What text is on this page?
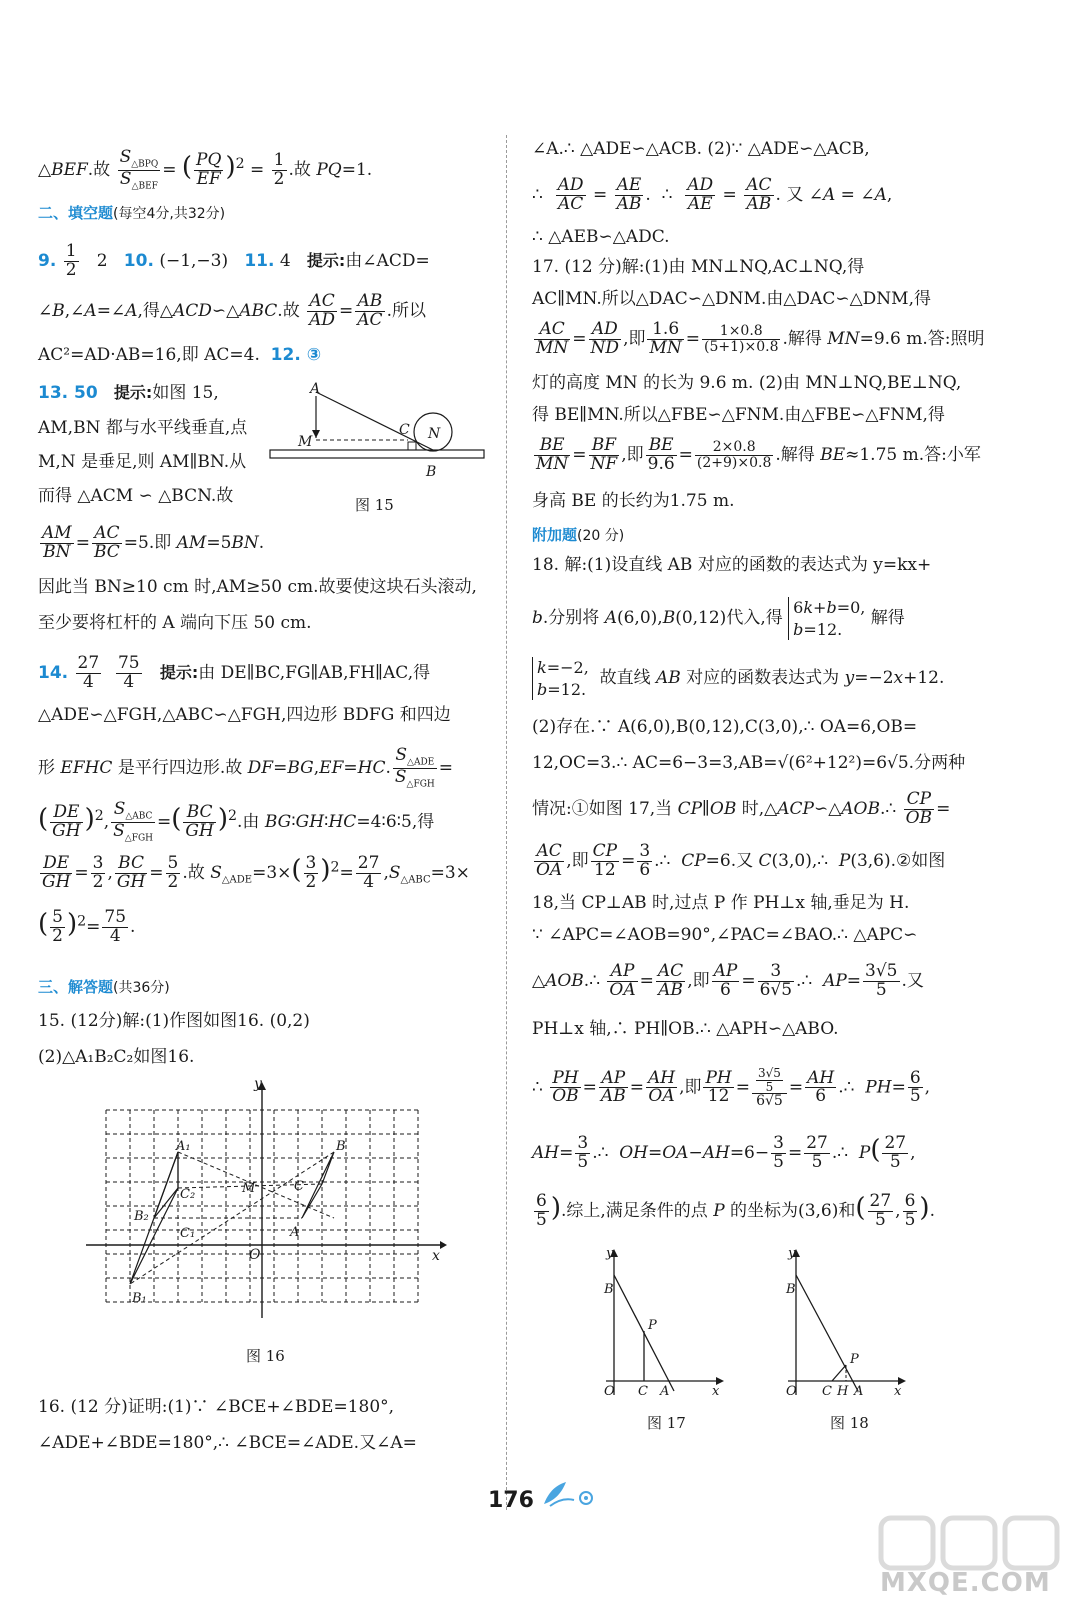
△BEF.故 $\frac{S_{\triangle BPQ}}{S_{\triangle BEF}}$ = ( $\frac{PQ}{EF} )^2 = \frac{1}{2}$ .故 PQ=1.
二、填空题(每空4分,共32分)
9. $\frac{1}{2} 2$   10. (−1,−3) 11. 4 提示:由∠ACD=
∠B,∠A=∠A,得△ACD∽△ABC.故 $\frac{AC}{AD} = \frac{AB}{AC}$ .所以
AC²=AD·AB=16,即 AC=4. 12. ③
13. 50 提示:如图 15,
AM,BN 都与水平线垂直,点
M,N 是垂足,则 AM∥BN.从
而得 △ACM ∽ △BCN.故
$\frac{AM}{BN} = \frac{AC}{BC} =5$.即 AM=5BN.
因此当 BN≥10 cm 时,AM≥50 cm.故要使这块石头滚动,
至少要将杠杆的 A 端向下压 50 cm.
14. $\frac{27}{4}$
$\frac{75}{4}$ 提示:由 DE∥BC,FG∥AB,FH∥AC,得
△ADE∽△FGH,△ABC∽△FGH,四边形 BDFG 和四边
形 EFHC 是平行四边形.故 DF=BG,EF=HC. $\frac{S_{\triangle ADE}}{S_{\triangle FGH}}$ =
( $\frac{DE}{GH} )^2$, $\frac{S_{\triangle ABC}}{S_{\triangle FGH}}$ =( $\frac{BC}{GH} )^2$.由 BG∶GH∶HC=4∶6∶5,得
$\frac{DE}{GH} = \frac{3}{2}$ , $\frac{BC}{GH} = \frac{5}{2}$ .故 $S_{\triangle ADE}=3\times( \frac{3}{2} )^2= \frac{27}{4} ,S_{\triangle ABC}=3\times$
( $\frac{5}{2} )^2= \frac{75}{4}$ .
三、解答题(共36分)
15. (12分)解:(1)作图如图16. (0,2)
(2)△A₁B₂C₂如图16.
16. (12 分)证明:(1)∵ ∠BCE+∠BDE=180°,
∠ADE+∠BDE=180°,∴ ∠BCE=∠ADE.又∠A=
A
M
C N
B
图 15
y
x
O
A₁
C₂
C₁
B₂
B₁
M	C
B
A
图 16
∠A.∴ △ADE∽△ACB. (2)∵ △ADE∽△ACB,
∴ $\frac{AD}{AC} = \frac{AE}{AB}$ .  ∴ $\frac{AD}{AE} = \frac{AC}{AB}$ . 又 ∠A = ∠A,
∴ △AEB∽△ADC.
17. (12 分)解:(1)由 MN⊥NQ,AC⊥NQ,得
AC∥MN.所以△DAC∽△DNM.由△DAC∽△DNM,得
$\frac{AC}{MN} = \frac{AD}{ND}$ ,即 $\frac{1.6}{MN} = \frac{1\times 0.8}{(5+1)\times 0.8}$ .解得 MN=9.6 m.答:照明
灯的高度 MN 的长为 9.6 m. (2)由 MN⊥NQ,BE⊥NQ,
得 BE∥MN.所以△FBE∽△FNM.由△FBE∽△FNM,得
$\frac{BE}{MN} = \frac{BF}{NF}$ ,即 $\frac{BE}{9.6} = \frac{2\times 0.8}{(2+9)\times 0.8}$ .解得 BE≈1.75 m.答:小军
身高 BE 的长约为1.75 m.
附加题(20 分)
18. 解:(1)设直线 AB 对应的函数的表达式为 y=kx+
b.分别将 A(6,0),B(0,12)代入,得 6k+b=0,
b=12. 解得
k=−2,
b=12.  故直线 AB 对应的函数表达式为 y=−2x+12.
(2)存在.∵ A(6,0),B(0,12),C(3,0),∴ OA=6,OB=
12,OC=3.∴ AC=6−3=3,AB=√(6²+12²)=6√5.分两种
情况:①如图 17,当 CP∥OB 时,△ACP∽△AOB.∴ $\frac{CP}{OB}$ =
$\frac{AC}{OA}$ ,即 $\frac{CP}{12} = \frac{3}{6}$ .∴  CP=6.又 C(3,0),∴  P(3,6).②如图
18,当 CP⊥AB 时,过点 P 作 PH⊥x 轴,垂足为 H.
∵ ∠APC=∠AOB=90°,∠PAC=∠BAO.∴ △APC∽
△AOB.∴ $\frac{AP}{OA} = \frac{AC}{AB}$ ,即 $\frac{AP}{6} = \frac{3}{6√5}$ .∴  $AP= \frac{3√5}{5}$ .又
PH⊥x 轴,∴ PH∥OB.∴ △APH∽△ABO.
∴ $\frac{PH}{OB} = \frac{AP}{AB} = \frac{AH}{OA}$ ,即 $\frac{PH}{12} = \frac{\frac{3√5}{5}}{6√5} = \frac{AH}{6}$ .∴  $PH= \frac{6}{5}$ ,
$AH= \frac{3}{5}$ .∴  $OH=OA-AH=6- \frac{3}{5} = \frac{27}{5}$ .∴  $P( \frac{27}{5}$ ,
$\frac{6}{5}$ ).综上,满足条件的点 P 的坐标为(3,6)和( $\frac{27}{5}$ , $\frac{6}{5}$ ).
y
B
P
O C A	x
图 17
y
B
P
O C H A x
图 18
176
MXQE.COM
